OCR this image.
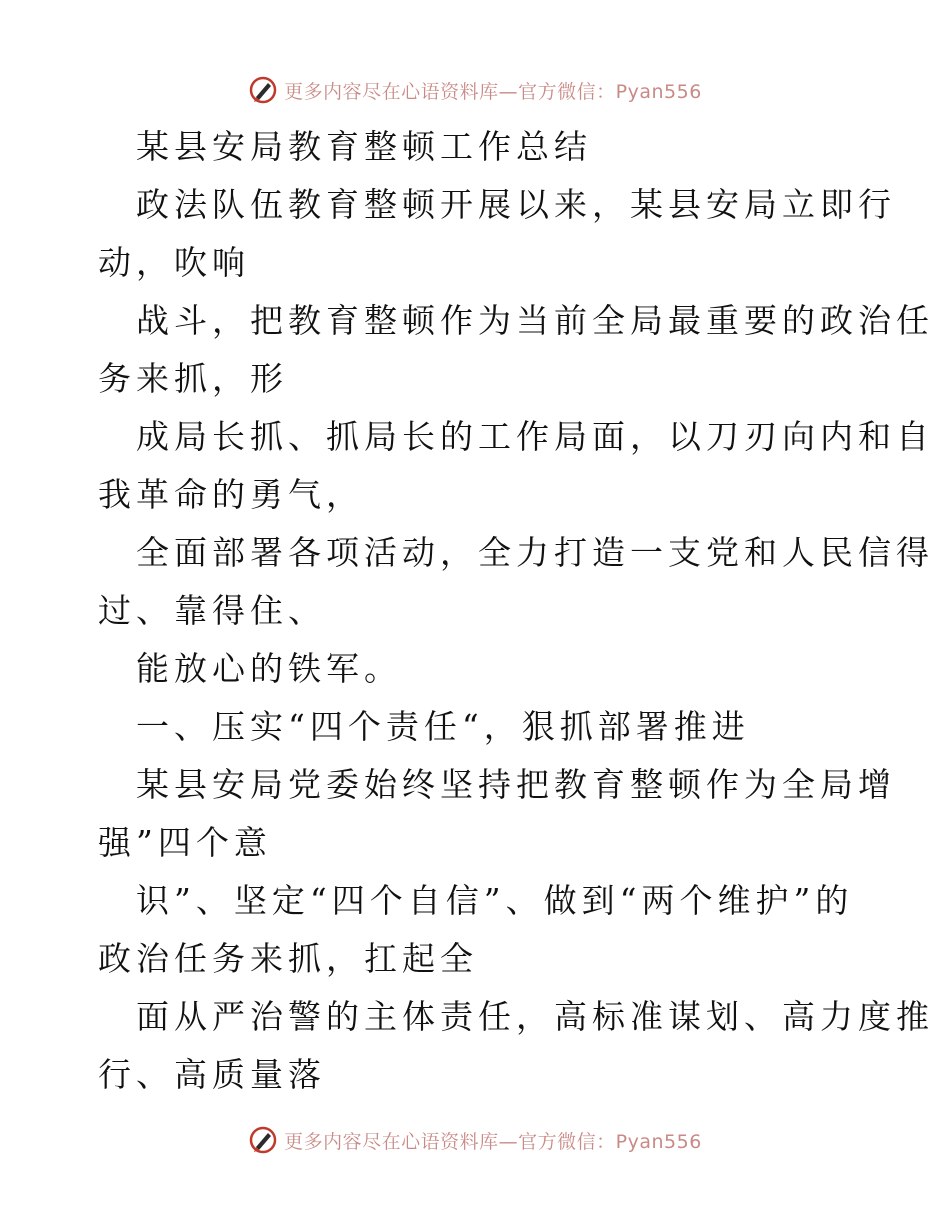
更多内容尽在心语资料库—官方微信：Pyan556
某县安局教育整顿工作总结
政法队伍教育整顿开展以来，某县安局立即行
动，吹响
战斗，把教育整顿作为当前全局最重要的政治任
务来抓，形
成局长抓、抓局长的工作局面，以刀刃向内和自
我革命的勇气，
全面部署各项活动，全力打造一支党和人民信得
过、靠得住、
能放心的铁军。
一、压实“四个责任“，狠抓部署推进
某县安局党委始终坚持把教育整顿作为全局增
强”四个意
识”、坚定“四个自信”、做到“两个维护”的
政治任务来抓，扛起全
面从严治警的主体责任，高标准谋划、高力度推
行、高质量落
更多内容尽在心语资料库—官方微信：Pyan556
